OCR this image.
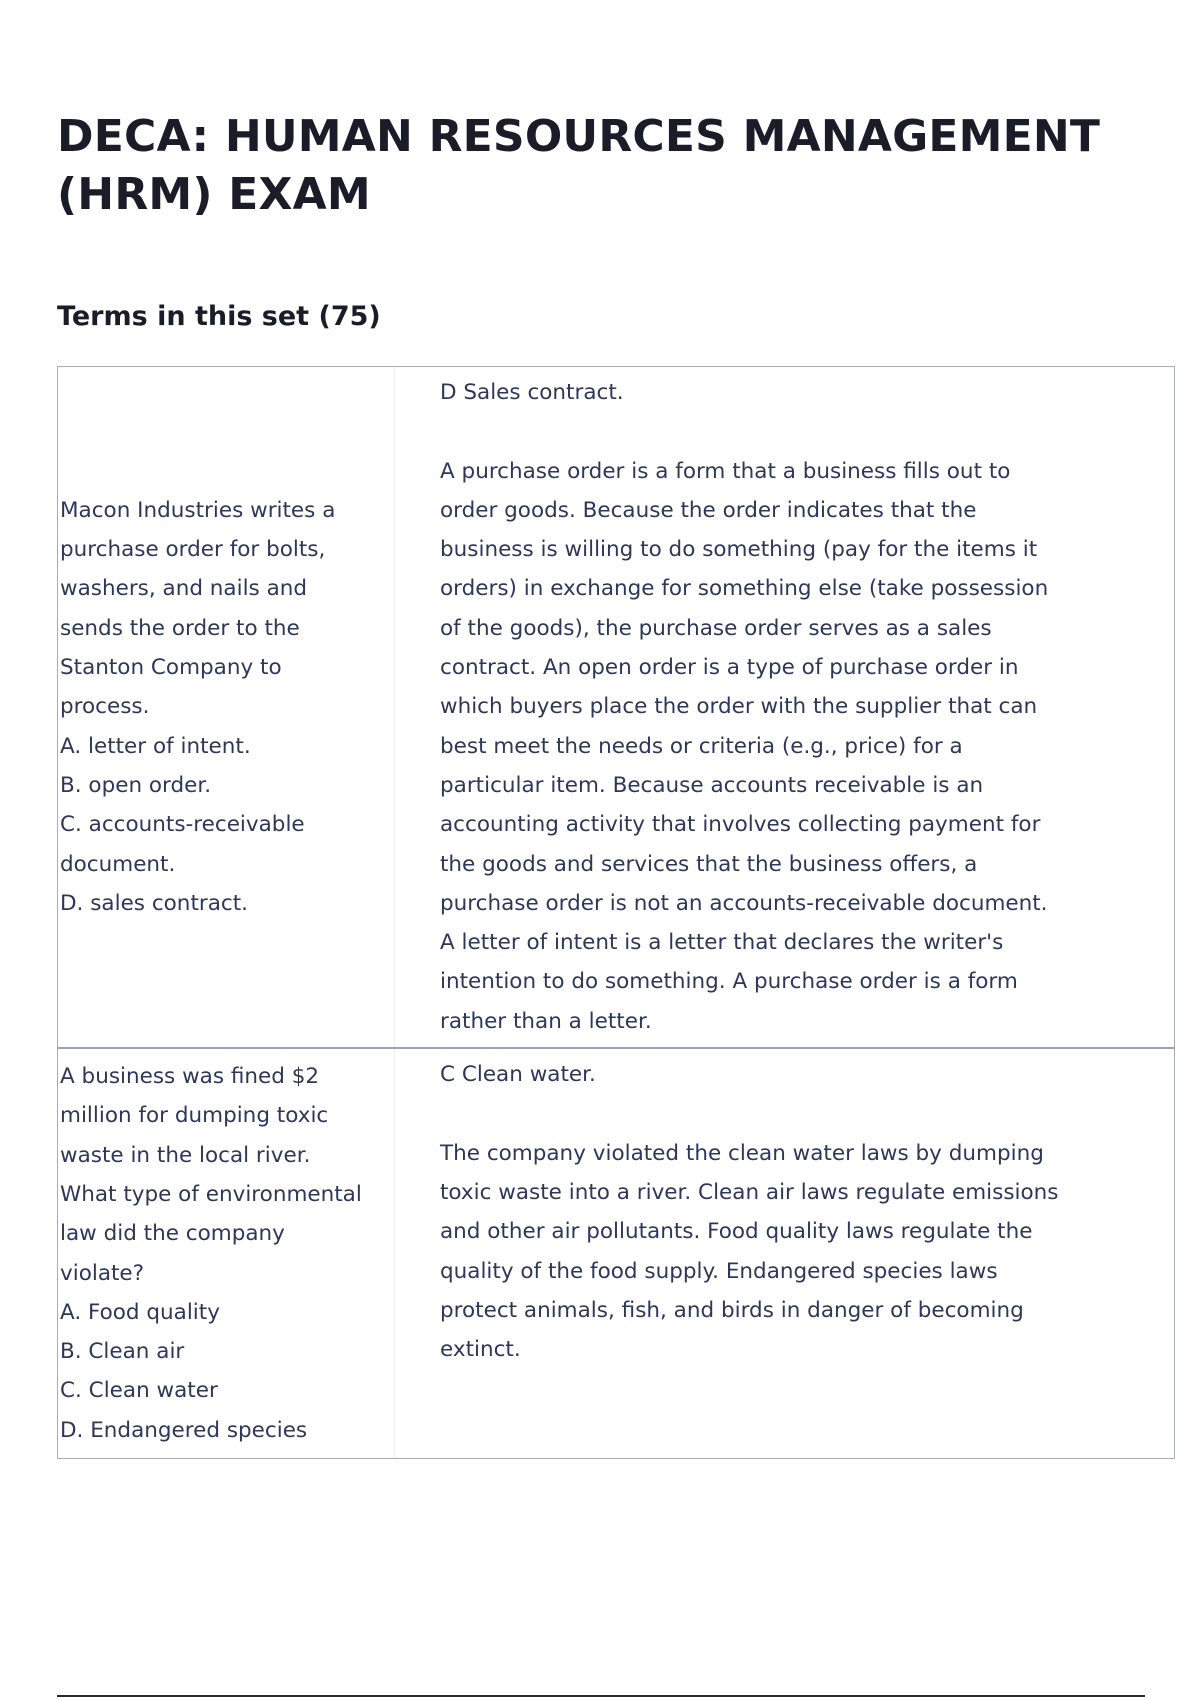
DECA: HUMAN RESOURCES MANAGEMENT
(HRM) EXAM
Terms in this set (75)
Macon Industries writes a
purchase order for bolts,
washers, and nails and
sends the order to the
Stanton Company to
process.
A. letter of intent.
B. open order.
C. accounts-receivable
document.
D. sales contract.
D Sales contract.
A purchase order is a form that a business fills out to
order goods. Because the order indicates that the
business is willing to do something (pay for the items it
orders) in exchange for something else (take possession
of the goods), the purchase order serves as a sales
contract. An open order is a type of purchase order in
which buyers place the order with the supplier that can
best meet the needs or criteria (e.g., price) for a
particular item. Because accounts receivable is an
accounting activity that involves collecting payment for
the goods and services that the business offers, a
purchase order is not an accounts-receivable document.
A letter of intent is a letter that declares the writer's
intention to do something. A purchase order is a form
rather than a letter.
A business was fined $2
million for dumping toxic
waste in the local river.
What type of environmental
law did the company
violate?
A. Food quality
B. Clean air
C. Clean water
D. Endangered species
C Clean water.
The company violated the clean water laws by dumping
toxic waste into a river. Clean air laws regulate emissions
and other air pollutants. Food quality laws regulate the
quality of the food supply. Endangered species laws
protect animals, fish, and birds in danger of becoming
extinct.
